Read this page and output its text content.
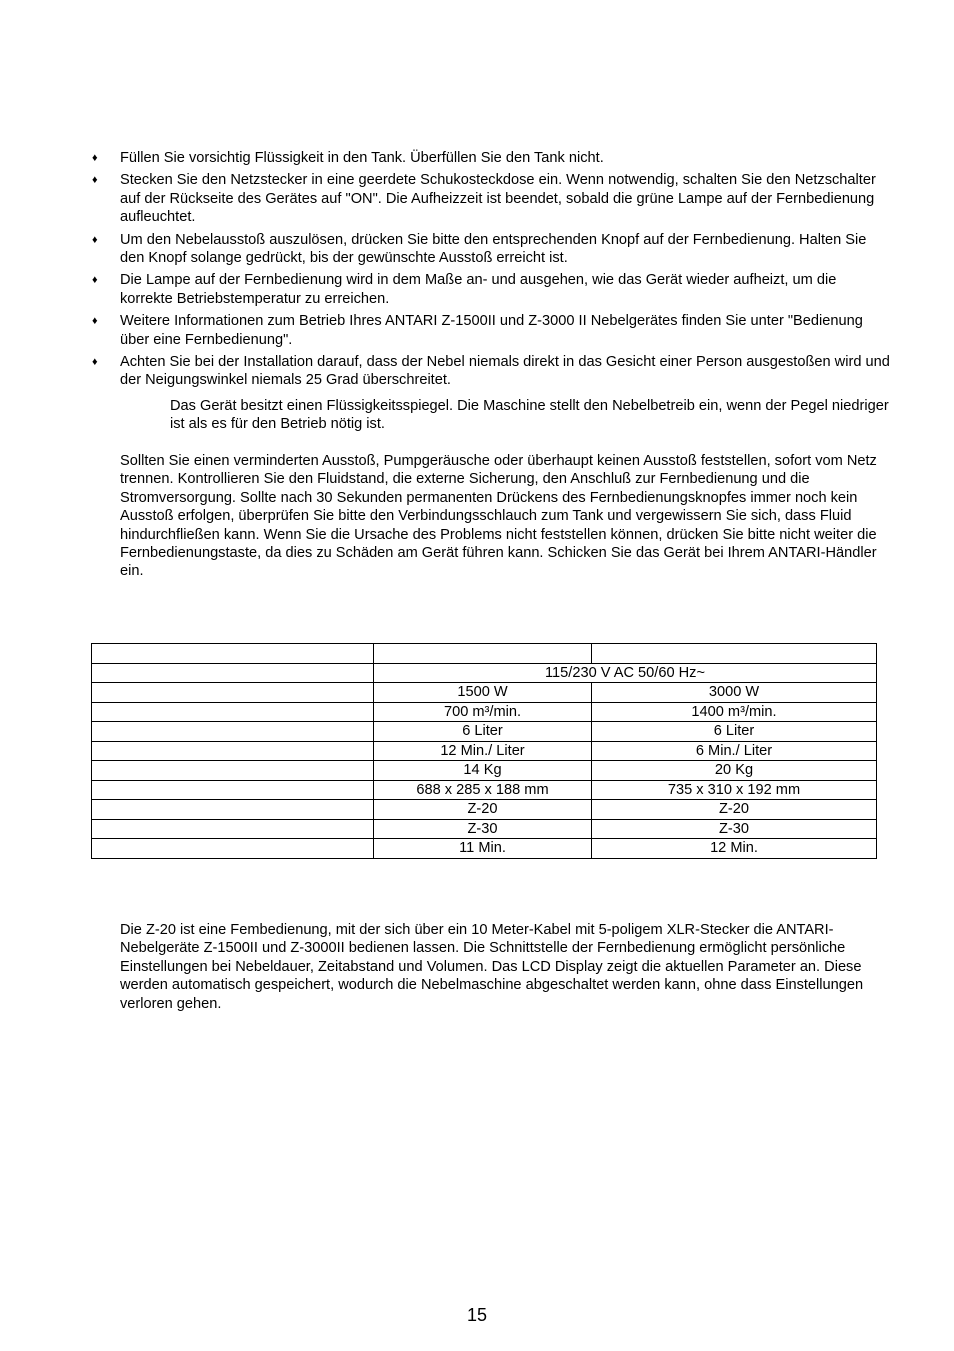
♦	Füllen Sie vorsichtig Flüssigkeit in den Tank. Überfüllen Sie den Tank nicht.
♦	Stecken Sie den Netzstecker in eine geerdete Schukosteckdose ein. Wenn notwendig, schalten Sie den Netzschalter auf der Rückseite des Gerätes auf "ON". Die Aufheizzeit ist beendet, sobald die grüne Lampe auf der Fernbedienung aufleuchtet.
♦	Um den Nebelausstoß auszulösen, drücken Sie bitte den entsprechenden Knopf auf der Fernbedienung. Halten Sie den Knopf solange gedrückt, bis der gewünschte Ausstoß erreicht ist.
♦	Die Lampe auf der Fernbedienung wird in dem Maße an- und ausgehen, wie das Gerät wieder aufheizt, um die korrekte Betriebstemperatur zu erreichen.
♦	Weitere Informationen zum Betrieb Ihres ANTARI Z-1500II und Z-3000 II Nebelgerätes finden Sie unter "Bedienung über eine Fernbedienung".
♦	Achten Sie bei der Installation darauf, dass der Nebel niemals direkt in das Gesicht einer Person ausgestoßen wird und der Neigungswinkel niemals 25 Grad überschreitet.
Das Gerät besitzt einen Flüssigkeitsspiegel. Die Maschine stellt den Nebelbetreib ein, wenn der Pegel niedriger ist als es für den Betrieb nötig ist.
Sollten Sie einen verminderten Ausstoß, Pumpgeräusche oder überhaupt keinen Ausstoß feststellen, sofort vom Netz trennen. Kontrollieren Sie den Fluidstand, die externe Sicherung, den Anschluß zur Fernbedienung und die Stromversorgung. Sollte nach 30 Sekunden permanenten Drückens des Fernbedienungsknopfes immer noch kein Ausstoß erfolgen, überprüfen Sie bitte den Verbindungsschlauch zum Tank und vergewissern Sie sich, dass Fluid hindurchfließen kann. Wenn Sie die Ursache des Problems nicht feststellen können, drücken Sie bitte nicht weiter die Fernbedienungstaste, da dies zu Schäden am Gerät führen kann. Schicken Sie das Gerät bei Ihrem ANTARI-Händler ein.

	115/230 V AC 50/60 Hz~	
	1500 W	3000 W
	700 m³/min.	1400 m³/min.
	6 Liter	6 Liter
	12 Min./ Liter	6 Min./ Liter
	14 Kg	20 Kg
	688 x 285 x 188 mm	735 x 310 x 192 mm
	Z-20	Z-20
	Z-30	Z-30
	11 Min.	12 Min.
Die Z-20 ist eine Fembedienung, mit der sich über ein 10 Meter-Kabel mit 5-poligem XLR-Stecker die ANTARI-Nebelgeräte Z-1500II und Z-3000II bedienen lassen. Die Schnittstelle der Fernbedienung ermöglicht persönliche Einstellungen bei Nebeldauer, Zeitabstand und Volumen. Das LCD Display zeigt die aktuellen Parameter an. Diese werden automatisch gespeichert, wodurch die Nebelmaschine abgeschaltet werden kann, ohne dass Einstellungen verloren gehen.
15
